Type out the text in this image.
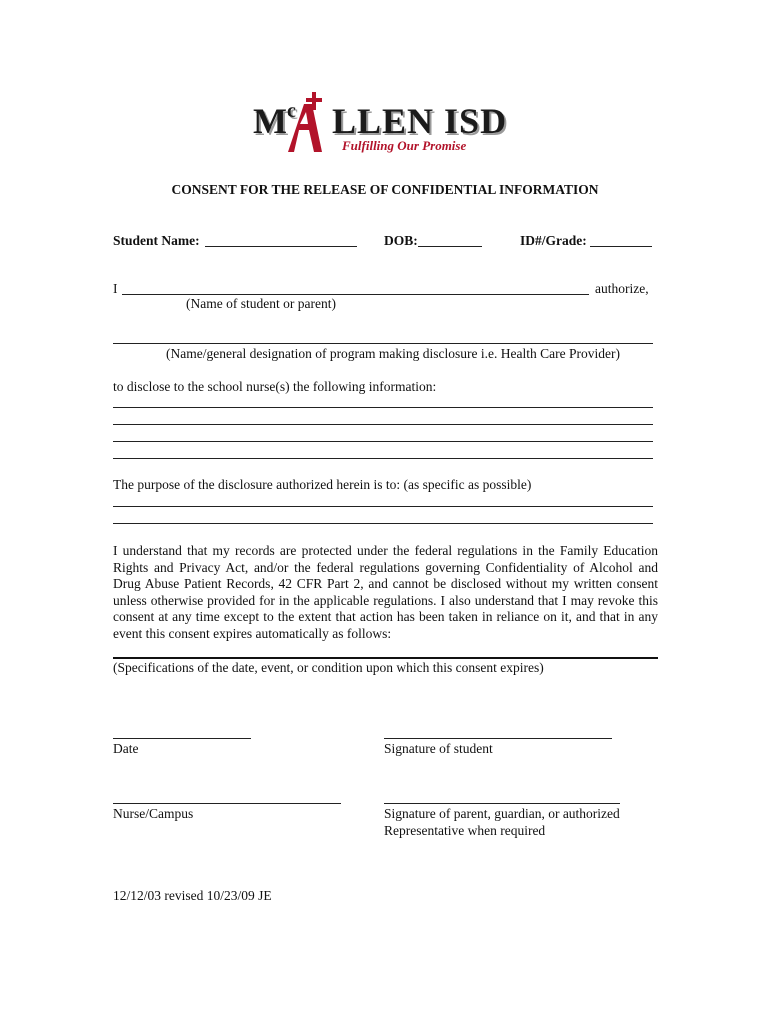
$M^c$ LLEN ISD
Fulfilling Our Promise
CONSENT FOR THE RELEASE OF CONFIDENTIAL INFORMATION
Student Name:	DOB:	ID#/Grade:
I	authorize,
(Name of student or parent)
(Name/general designation of program making disclosure i.e. Health Care Provider)
to disclose to the school nurse(s) the following information:
The purpose of the disclosure authorized herein is to: (as specific as possible)
I understand that my records are protected under the federal regulations in the Family Education Rights and Privacy Act, and/or the federal regulations governing Confidentiality of Alcohol and Drug Abuse Patient Records, 42 CFR Part 2, and cannot be disclosed without my written consent unless otherwise provided for in the applicable regulations. I also understand that I may revoke this consent at any time except to the extent that action has been taken in reliance on it, and that in any event this consent expires automatically as follows:
(Specifications of the date, event, or condition upon which this consent expires)
Date	Signature of student
Nurse/Campus	Signature of parent, guardian, or authorized
Representative when required
12/12/03 revised 10/23/09 JE
